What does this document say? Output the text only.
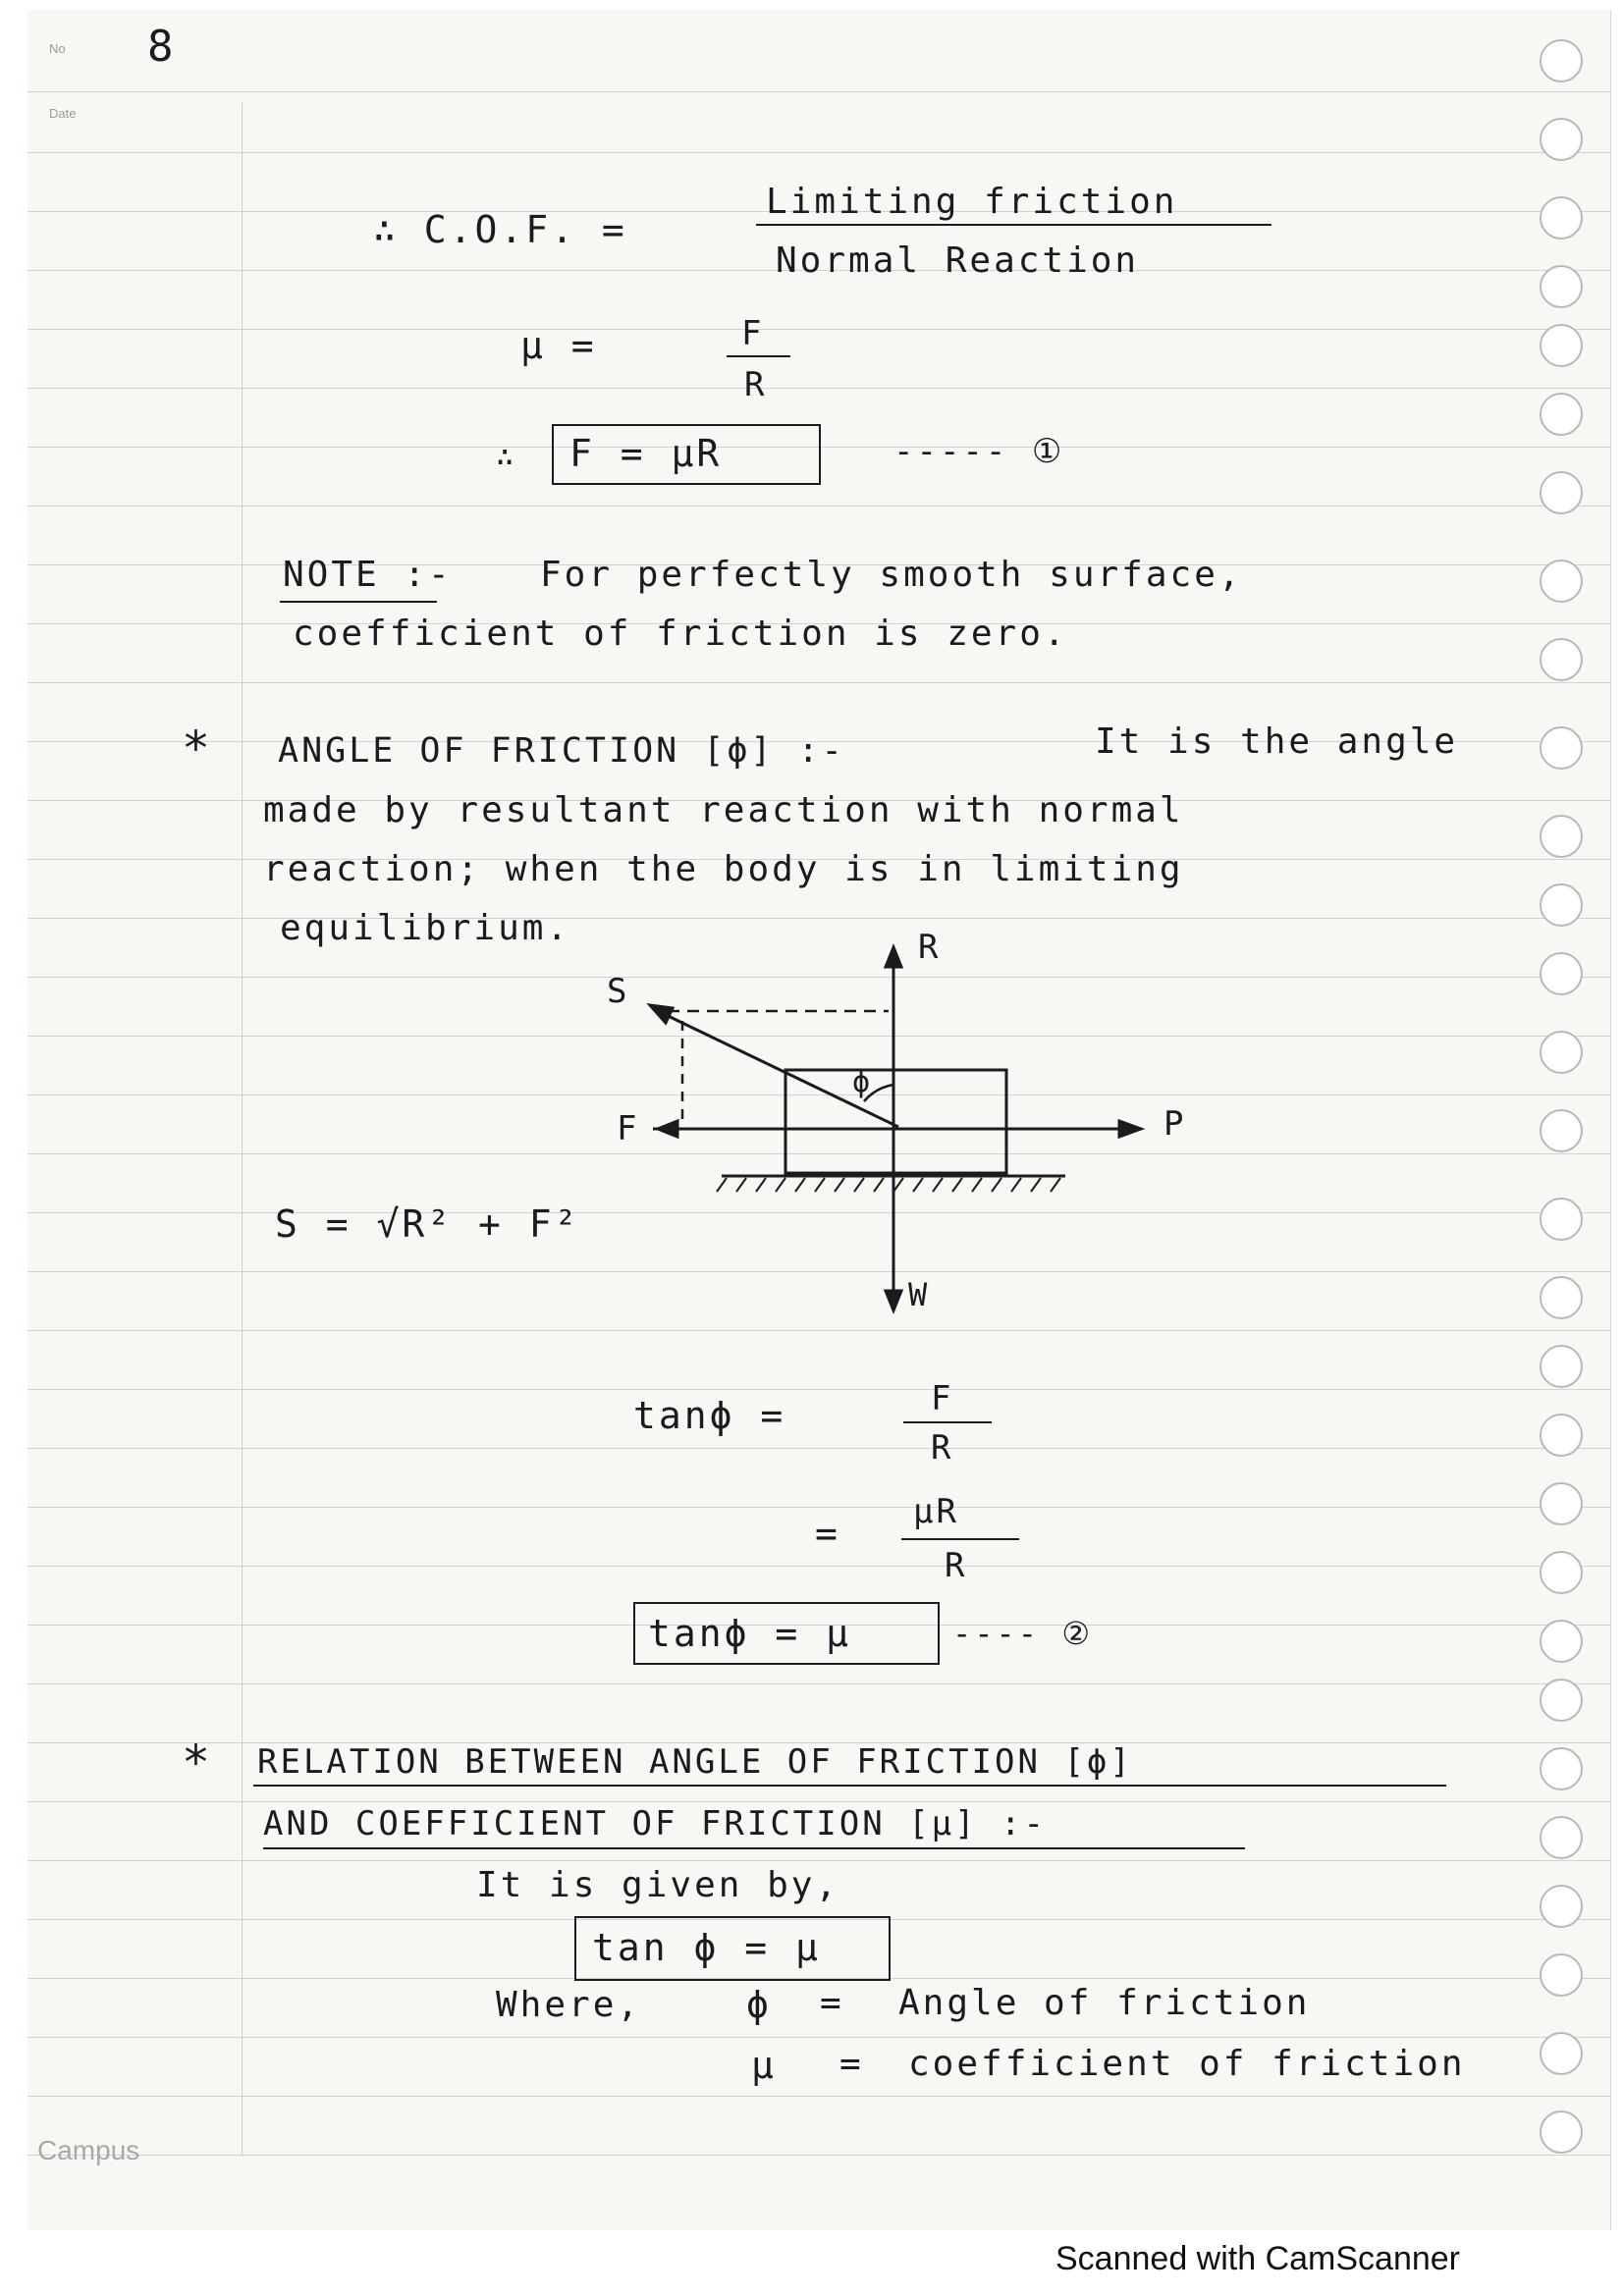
No 8
Date
∴ C.O.F. =
Limiting friction
Normal Reaction
μ =	F
R
∴ F = μR	----- ①
NOTE :- For perfectly smooth surface,
coefficient of friction is zero.
* ANGLE OF FRICTION [ϕ] :-	It is the angle
made by resultant reaction with normal
reaction; when the body is in limiting
equilibrium.
S
R
F	P
W
ϕ
S = √R² + F²
tanϕ =	F
R
= μR
R
tanϕ = μ	---- ②
* RELATION BETWEEN ANGLE OF FRICTION [ϕ]
AND COEFFICIENT OF FRICTION [μ] :-
It is given by,
tan ϕ = μ
Where,	ϕ = Angle of friction
μ = coefficient of friction
Campus
Scanned with CamScanner
